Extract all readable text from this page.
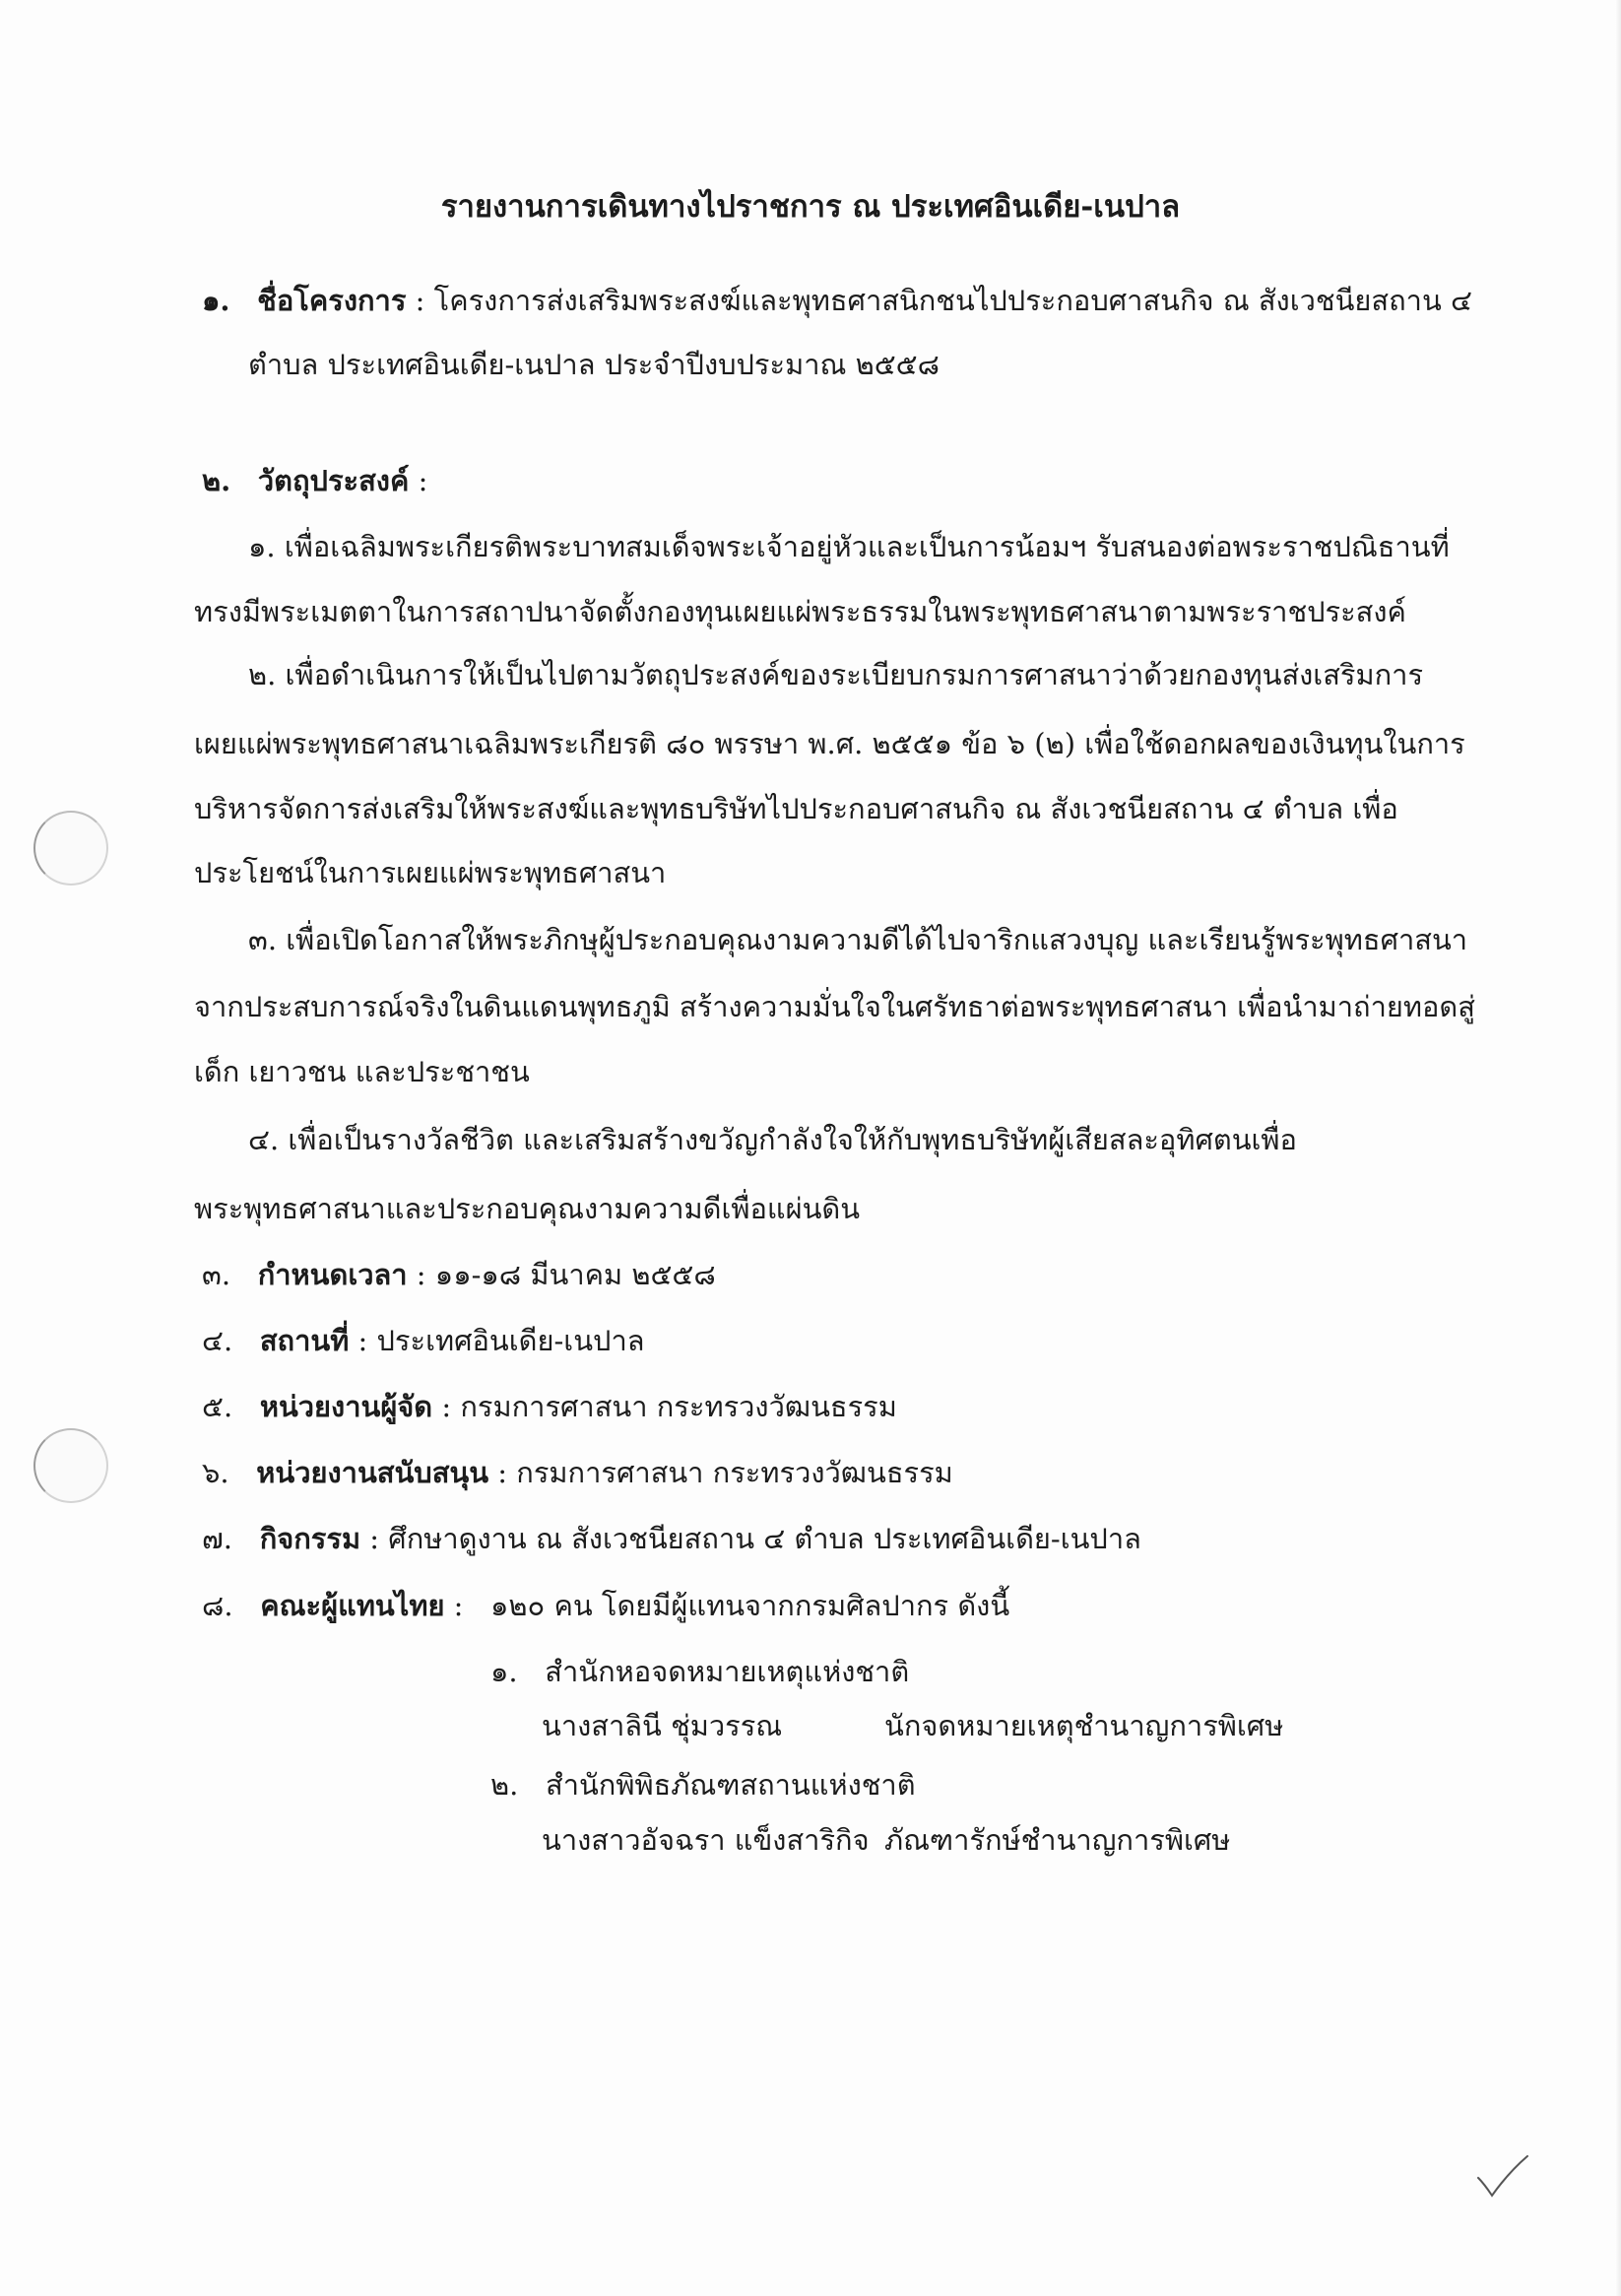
รายงานการเดินทางไปราชการ ณ ประเทศอินเดีย-เนปาล
๑. ชื่อโครงการ : โครงการส่งเสริมพระสงฆ์และพุทธศาสนิกชนไปประกอบศาสนกิจ ณ สังเวชนียสถาน ๔
ตำบล ประเทศอินเดีย-เนปาล ประจำปีงบประมาณ ๒๕๕๘
๒. วัตถุประสงค์ :
๑. เพื่อเฉลิมพระเกียรติพระบาทสมเด็จพระเจ้าอยู่หัวและเป็นการน้อมฯ รับสนองต่อพระราชปณิธานที่
ทรงมีพระเมตตาในการสถาปนาจัดตั้งกองทุนเผยแผ่พระธรรมในพระพุทธศาสนาตามพระราชประสงค์
๒. เพื่อดำเนินการให้เป็นไปตามวัตถุประสงค์ของระเบียบกรมการศาสนาว่าด้วยกองทุนส่งเสริมการ
เผยแผ่พระพุทธศาสนาเฉลิมพระเกียรติ ๘๐ พรรษา พ.ศ. ๒๕๕๑ ข้อ ๖ (๒) เพื่อใช้ดอกผลของเงินทุนในการ
บริหารจัดการส่งเสริมให้พระสงฆ์และพุทธบริษัทไปประกอบศาสนกิจ ณ สังเวชนียสถาน ๔ ตำบล เพื่อ
ประโยชน์ในการเผยแผ่พระพุทธศาสนา
๓. เพื่อเปิดโอกาสให้พระภิกษุผู้ประกอบคุณงามความดีได้ไปจาริกแสวงบุญ และเรียนรู้พระพุทธศาสนา
จากประสบการณ์จริงในดินแดนพุทธภูมิ สร้างความมั่นใจในศรัทธาต่อพระพุทธศาสนา เพื่อนำมาถ่ายทอดสู่
เด็ก เยาวชน และประชาชน
๔. เพื่อเป็นรางวัลชีวิต และเสริมสร้างขวัญกำลังใจให้กับพุทธบริษัทผู้เสียสละอุทิศตนเพื่อ
พระพุทธศาสนาและประกอบคุณงามความดีเพื่อแผ่นดิน
๓. กำหนดเวลา : ๑๑-๑๘ มีนาคม ๒๕๕๘
๔. สถานที่ : ประเทศอินเดีย-เนปาล
๕. หน่วยงานผู้จัด : กรมการศาสนา กระทรวงวัฒนธรรม
๖. หน่วยงานสนับสนุน : กรมการศาสนา กระทรวงวัฒนธรรม
๗. กิจกรรม : ศึกษาดูงาน ณ สังเวชนียสถาน ๔ ตำบล ประเทศอินเดีย-เนปาล
๘. คณะผู้แทนไทย : ๑๒๐ คน โดยมีผู้แทนจากกรมศิลปากร ดังนี้
๑. สำนักหอจดหมายเหตุแห่งชาติ
นางสาลินี ชุ่มวรรณ	นักจดหมายเหตุชำนาญการพิเศษ
๒. สำนักพิพิธภัณฑสถานแห่งชาติ
นางสาวอัจฉรา แข็งสาริกิจ ภัณฑารักษ์ชำนาญการพิเศษ
